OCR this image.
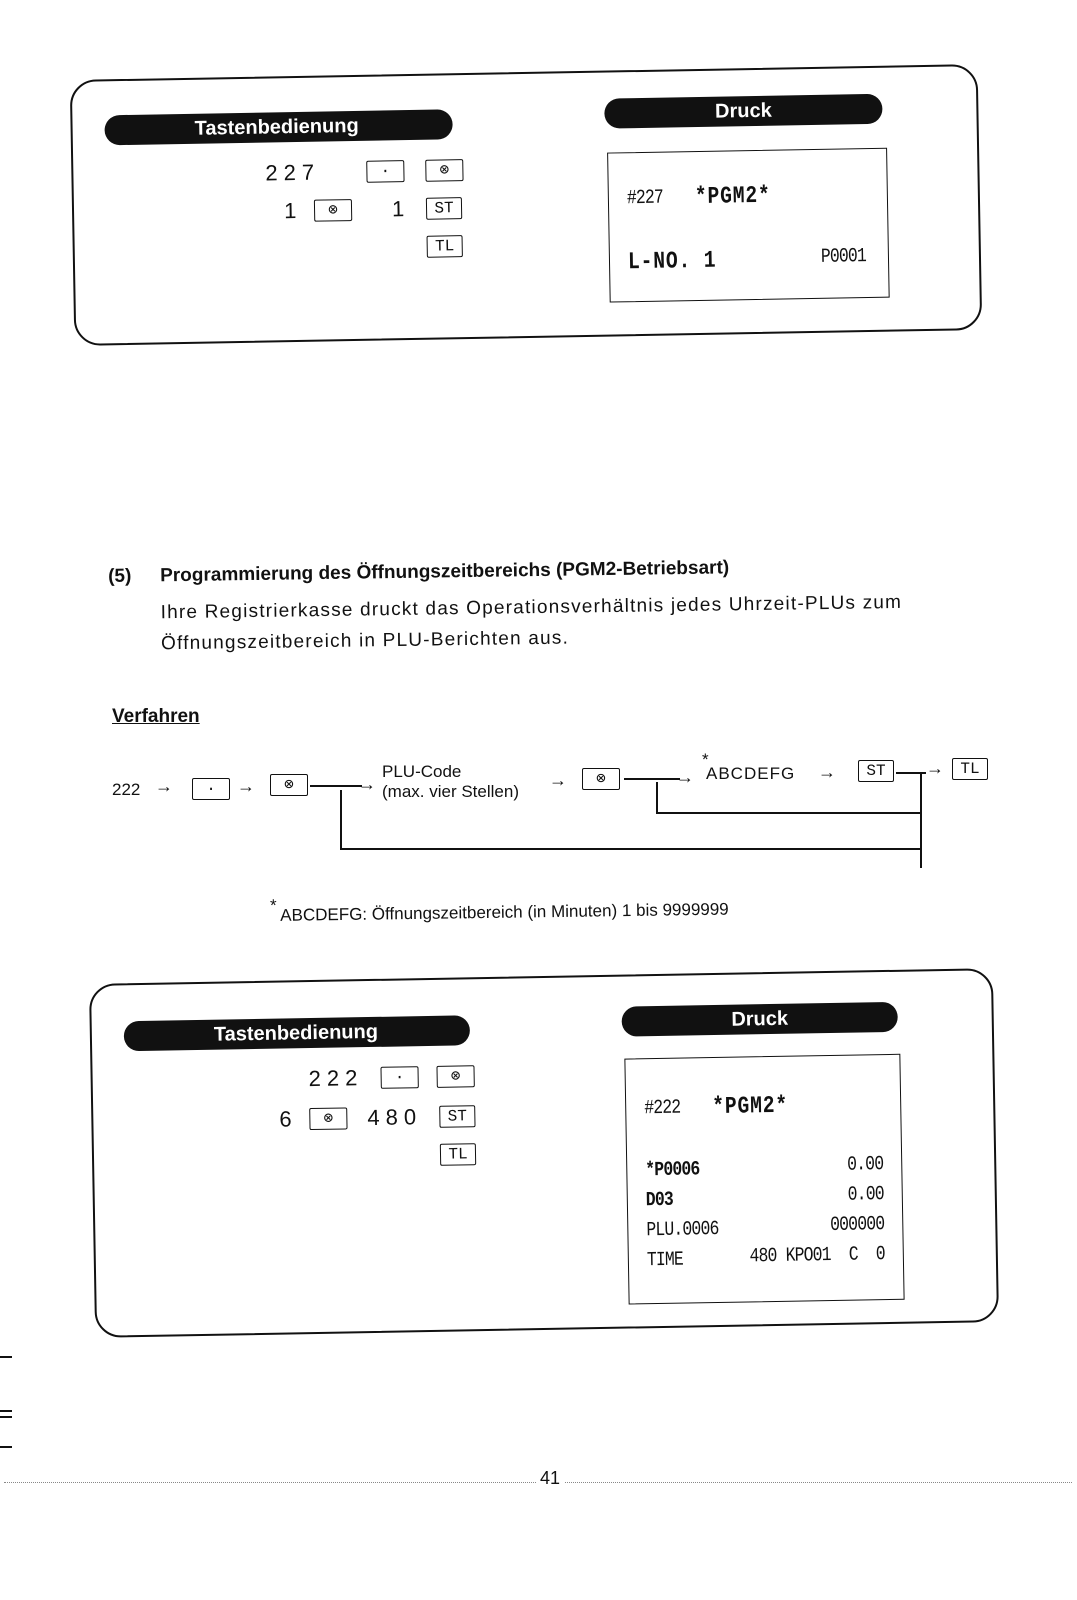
Tastenbedienung
Druck
227	·	⊗
1	⊗	1	ST
TL
#227 *PGM2*
L-NO. 1	P0001
(5) Programmierung des Öffnungszeitbereichs (PGM2-Betriebsart)
Ihre Registrierkasse druckt das Operationsverhältnis jedes Uhrzeit-PLUs zum
Öffnungszeitbereich in PLU-Berichten aus.
Verfahren
222 →	·	→	⊗	→
PLU-Code
(max. vier Stellen)
→	⊗	→
*
ABCDEFG →	ST	→	TL
* ABCDEFG: Öffnungszeitbereich (in Minuten) 1 bis 9999999
Tastenbedienung
Druck
222	·	⊗
6	⊗	480	ST
TL
#222 *PGM2*
*P0006	0.00
D03	0.00
PLU.0006	000000
TIME	480 KPO01  C  0
41
